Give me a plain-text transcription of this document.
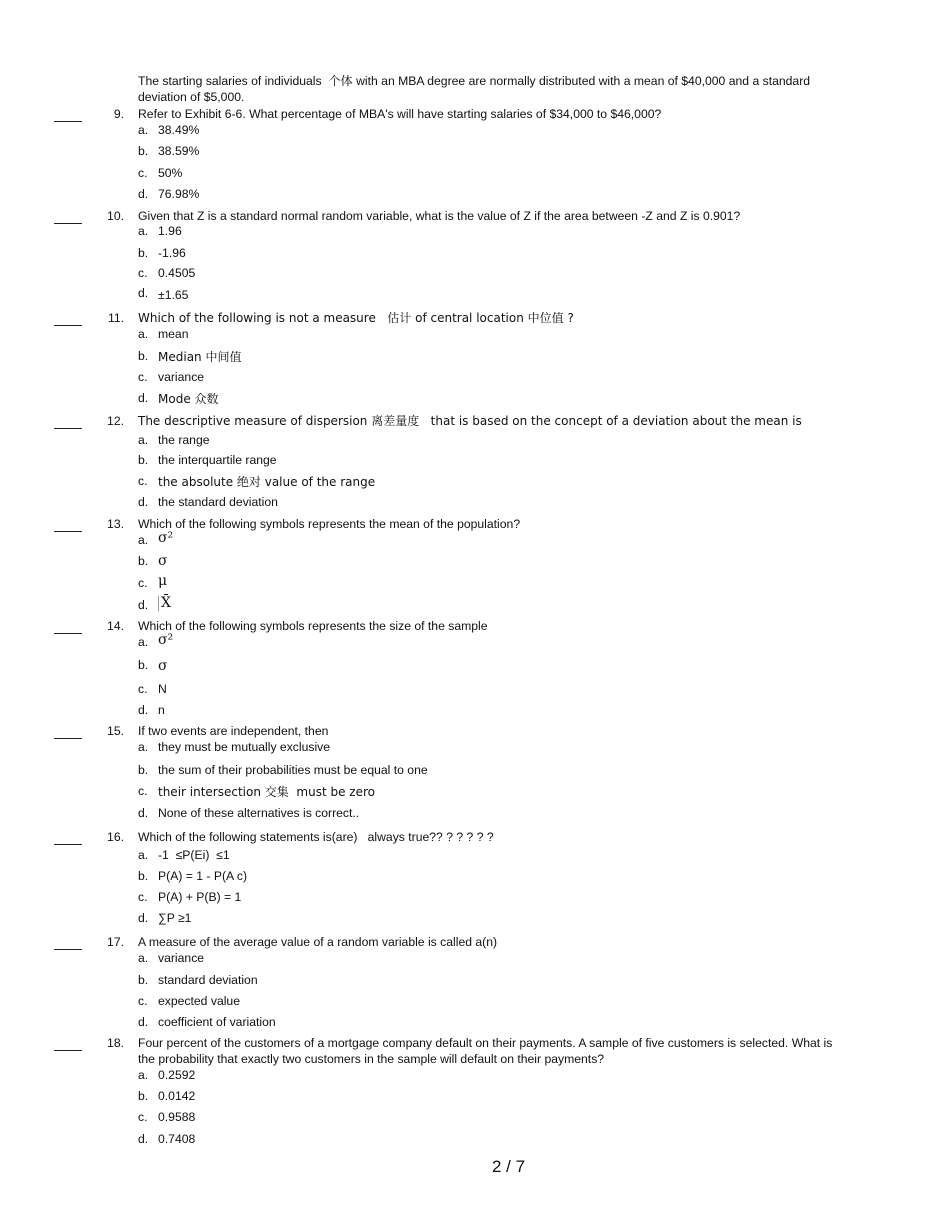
The starting salaries of individuals  个体 with an MBA degree are normally distributed with a mean of $40,000 and a standard
deviation of $5,000.
9. Refer to Exhibit 6-6. What percentage of MBA's will have starting salaries of $34,000 to $46,000?
a. 38.49%
b. 38.59%
c. 50%
d. 76.98%
10. Given that Z is a standard normal random variable, what is the value of Z if the area between -Z and Z is 0.901?
a. 1.96
b. -1.96
c. 0.4505
d. ±1.65
11. Which of the following is not a measure   估计 of central location 中位值 ?
a. mean
b. Median 中间值
c. variance
d. Mode 众数
12. The descriptive measure of dispersion 离差量度   that is based on the concept of a deviation about the mean is
a. the range
b. the interquartile range
c. the absolute 绝对 value of the range
d. the standard deviation
13. Which of the following symbols represents the mean of the population?
a. σ²
b. σ
c. μ
d. X̄
14. Which of the following symbols represents the size of the sample
a. σ²
b. σ
c. N
d. n
15. If two events are independent, then
a. they must be mutually exclusive
b. the sum of their probabilities must be equal to one
c. their intersection 交集  must be zero
d. None of these alternatives is correct..
16. Which of the following statements is(are)   always true?? ? ? ? ? ?
a. -1  ≤P(Ei)  ≤1
b. P(A) = 1 - P(A c)
c. P(A) + P(B) = 1
d. ∑P ≥1
17. A measure of the average value of a random variable is called a(n)
a. variance
b. standard deviation
c. expected value
d. coefficient of variation
18. Four percent of the customers of a mortgage company default on their payments. A sample of five customers is selected. What is
the probability that exactly two customers in the sample will default on their payments?
a. 0.2592
b. 0.0142
c. 0.9588
d. 0.7408
2 / 7
